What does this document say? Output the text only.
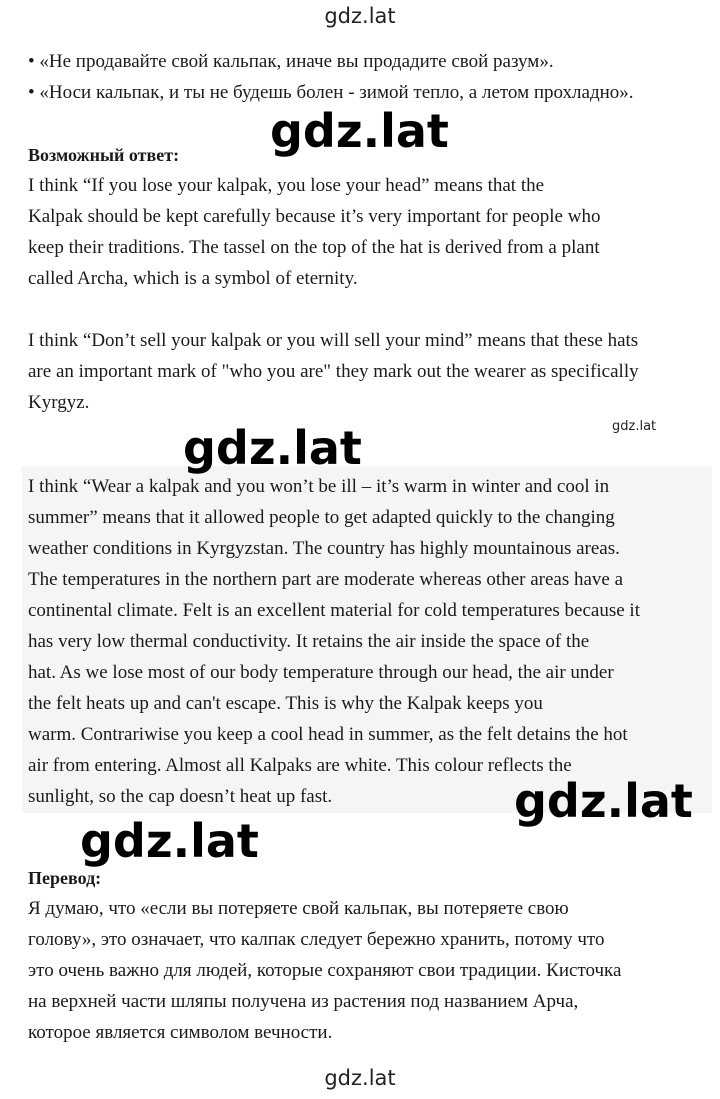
gdz.lat
• «Не продавайте свой кальпак, иначе вы продадите свой разум».
• «Носи кальпак, и ты не будешь болен - зимой тепло, а летом прохладно».
Возможный ответ:
I think “If you lose your kalpak, you lose your head” means that the
Kalpak should be kept carefully because it’s very important for people who
keep their traditions. The tassel on the top of the hat is derived from a plant
called Archa, which is a symbol of eternity.
I think “Don’t sell your kalpak or you will sell your mind” means that these hats
are an important mark of "who you are" they mark out the wearer as specifically
Kyrgyz.
I think “Wear a kalpak and you won’t be ill – it’s warm in winter and cool in
summer” means that it allowed people to get adapted quickly to the changing
weather conditions in Kyrgyzstan. The country has highly mountainous areas.
The temperatures in the northern part are moderate whereas other areas have a
continental climate. Felt is an excellent material for cold temperatures because it
has very low thermal conductivity. It retains the air inside the space of the
hat. As we lose most of our body temperature through our head, the air under
the felt heats up and can't escape. This is why the Kalpak keeps you
warm. Contrariwise you keep a cool head in summer, as the felt detains the hot
air from entering. Almost all Kalpaks are white. This colour reflects the
sunlight, so the cap doesn’t heat up fast.
Перевод:
Я думаю, что «если вы потеряете свой кальпак, вы потеряете свою
голову», это означает, что калпак следует бережно хранить, потому что
это очень важно для людей, которые сохраняют свои традиции. Кисточка
на верхней части шляпы получена из растения под названием Арча,
которое является символом вечности.
gdz.lat
gdz.lat
gdz.lat
gdz.lat
gdz.lat
gdz.lat
